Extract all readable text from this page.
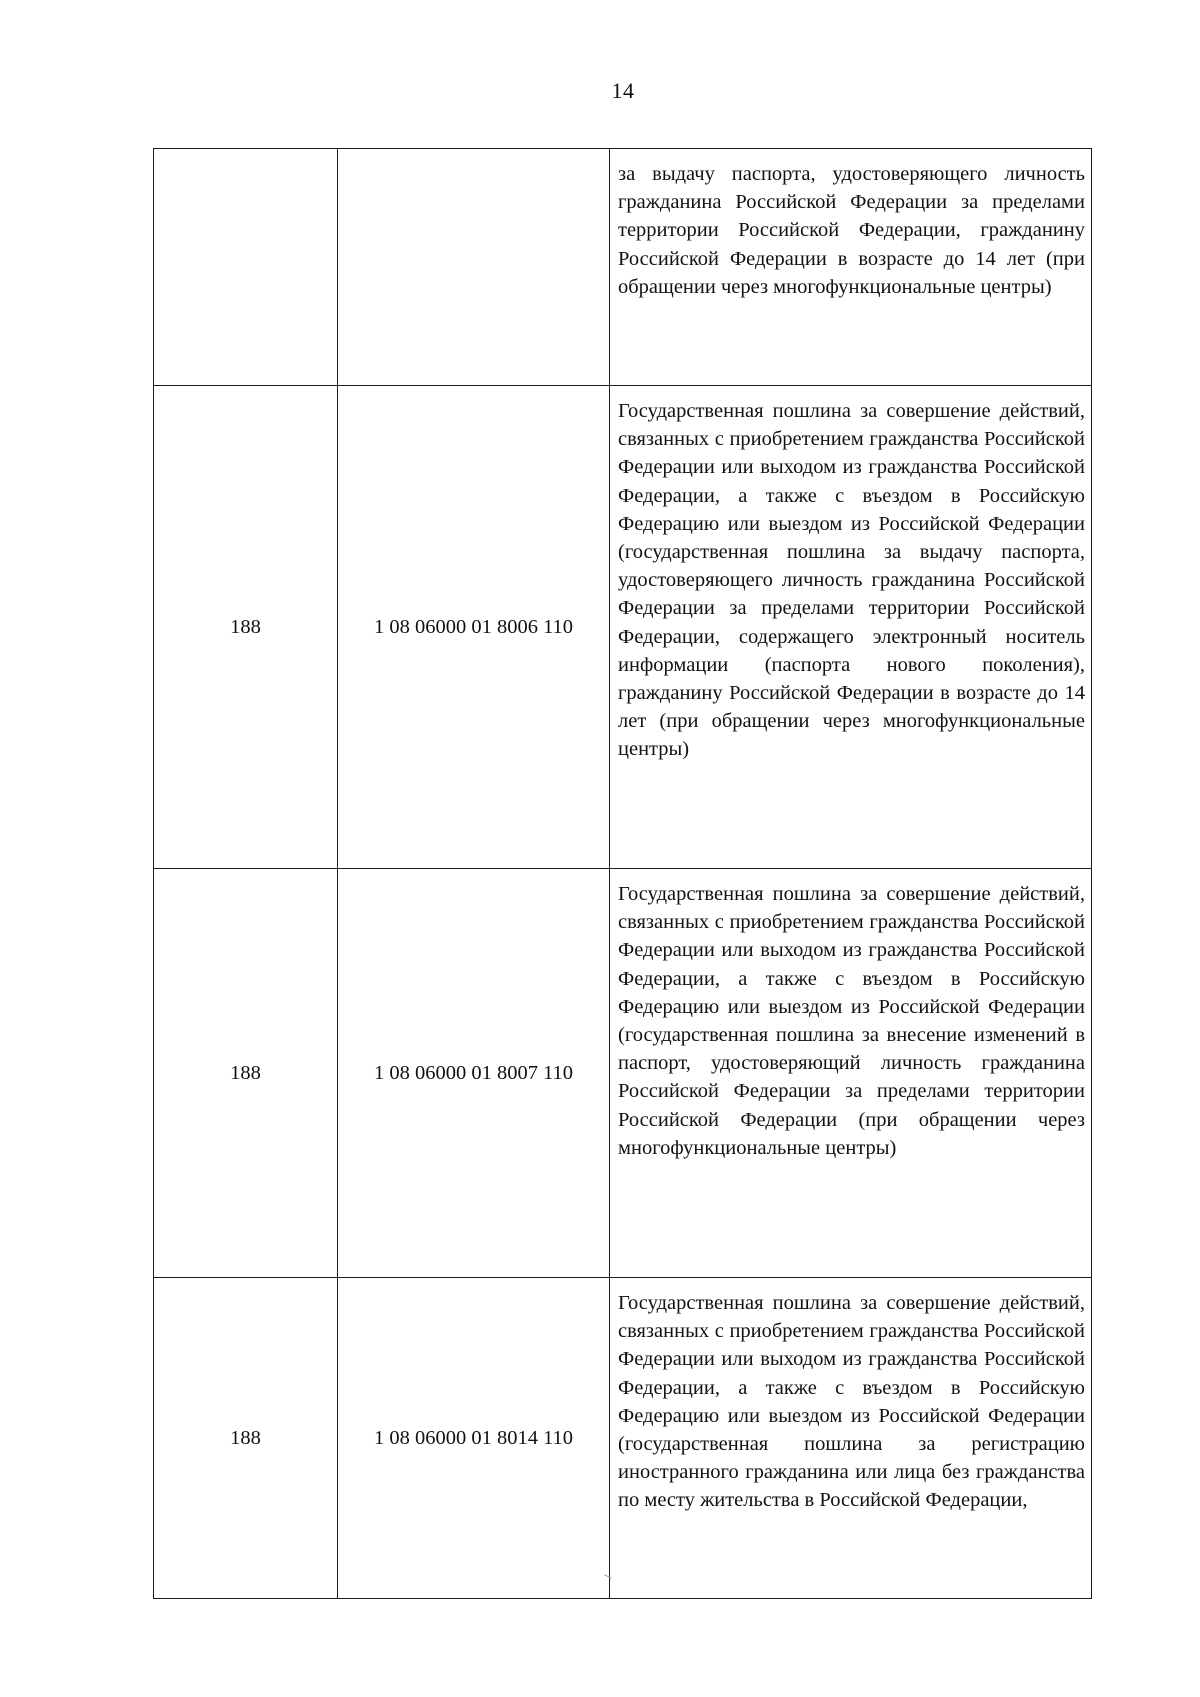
14
		за выдачу паспорта, удостоверяющего личность гражданина Российской Федерации за пределами территории Российской Федерации, гражданину Российской Федерации в возрасте до 14 лет (при обращении через многофункциональные центры)
188	1 08 06000 01 8006 110	Государственная пошлина за совершение действий, связанных с приобретением гражданства Российской Федерации или выходом из гражданства Российской Федерации, а также с въездом в Российскую Федерацию или выездом из Российской Федерации (государственная пошлина за выдачу паспорта, удостоверяющего личность гражданина Российской Федерации за пределами территории Российской Федерации, содержащего электронный носитель информации (паспорта нового поколения), гражданину Российской Федерации в возрасте до 14 лет (при обращении через многофункциональные центры)
188	1 08 06000 01 8007 110	Государственная пошлина за совершение действий, связанных с приобретением гражданства Российской Федерации или выходом из гражданства Российской Федерации, а также с въездом в Российскую Федерацию или выездом из Российской Федерации (государственная пошлина за внесение изменений в паспорт, удостоверяющий личность гражданина Российской Федерации за пределами территории Российской Федерации (при обращении через многофункциональные центры)
188	1 08 06000 01 8014 110	Государственная пошлина за совершение действий, связанных с приобретением гражданства Российской Федерации или выходом из гражданства Российской Федерации, а также с въездом в Российскую Федерацию или выездом из Российской Федерации (государственная пошлина за регистрацию иностранного гражданина или лица без гражданства по месту жительства в Российской Федерации,
